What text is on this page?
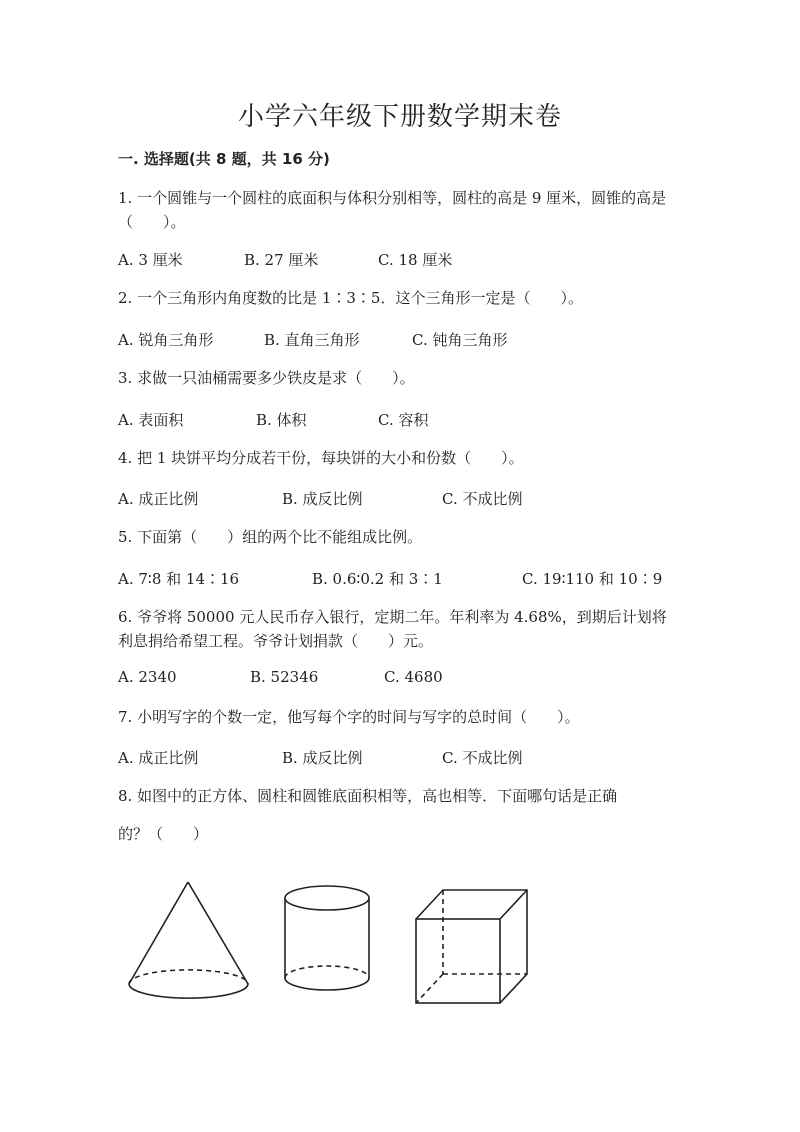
小学六年级下册数学期末卷
一. 选择题(共 8 题，共 16 分)
1. 一个圆锥与一个圆柱的底面积与体积分别相等，圆柱的高是 9 厘米，圆锥的高是（　　）。
A. 3 厘米	B. 27 厘米	C. 18 厘米
2. 一个三角形内角度数的比是 1∶3∶5．这个三角形一定是（　　）。
A. 锐角三角形	B. 直角三角形	C. 钝角三角形
3. 求做一只油桶需要多少铁皮是求（　　）。
A. 表面积	B. 体积	C. 容积
4. 把 1 块饼平均分成若干份，每块饼的大小和份数（　　）。
A. 成正比例	B. 成反比例	C. 不成比例
5. 下面第（　　）组的两个比不能组成比例。
A. 7∶8 和 14∶16	B. 0.6∶0.2 和 3∶1	C. 19∶110 和 10∶9
6. 爷爷将 50000 元人民币存入银行，定期二年。年利率为 4.68%，到期后计划将利息捐给希望工程。爷爷计划捐款（　　）元。
A. 2340	B. 52346	C. 4680
7. 小明写字的个数一定，他写每个字的时间与写字的总时间（　　）。
A. 成正比例	B. 成反比例	C. 不成比例
8. 如图中的正方体、圆柱和圆锥底面积相等，高也相等．下面哪句话是正确
的？（　　）
